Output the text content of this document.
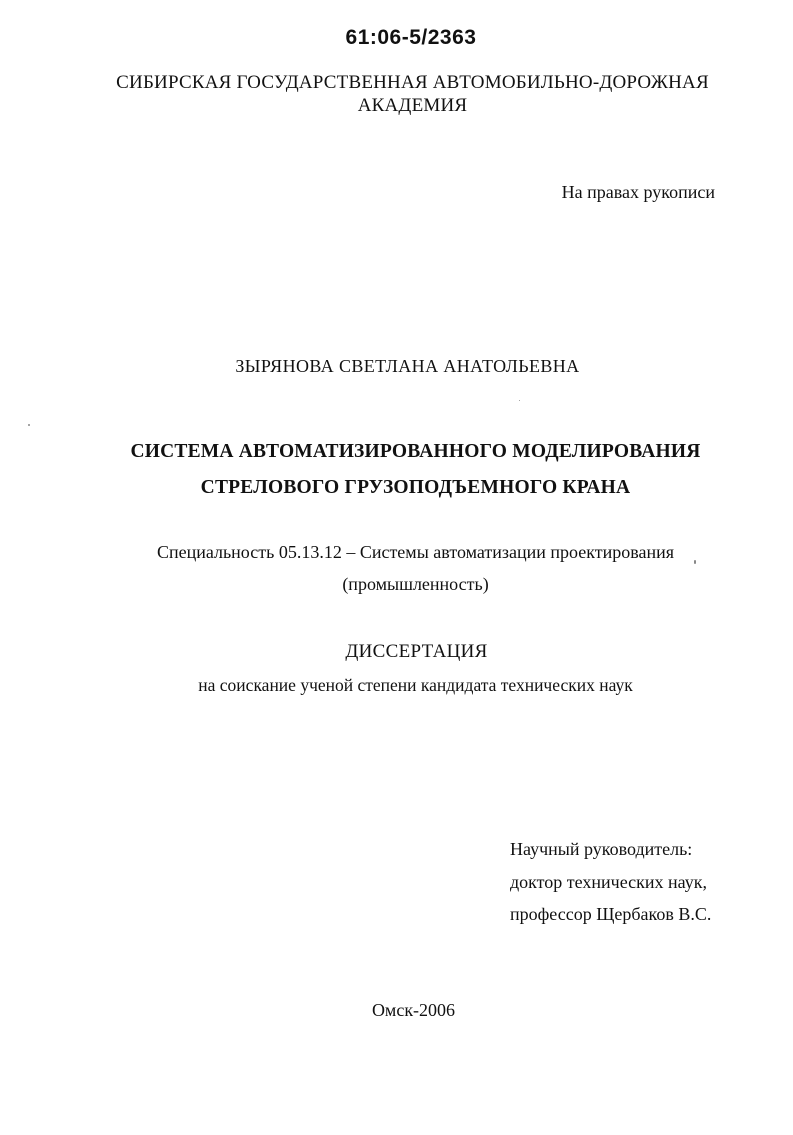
61:06-5/2363
СИБИРСКАЯ ГОСУДАРСТВЕННАЯ АВТОМОБИЛЬНО-ДОРОЖНАЯ
АКАДЕМИЯ
На правах рукописи
ЗЫРЯНОВА СВЕТЛАНА АНАТОЛЬЕВНА
СИСТЕМА АВТОМАТИЗИРОВАННОГО МОДЕЛИРОВАНИЯ
СТРЕЛОВОГО ГРУЗОПОДЪЕМНОГО КРАНА
Специальность 05.13.12 – Системы автоматизации проектирования
(промышленность)
ДИССЕРТАЦИЯ
на соискание ученой степени кандидата технических наук
Научный руководитель:
доктор технических наук,
профессор Щербаков В.С.
Омск-2006
